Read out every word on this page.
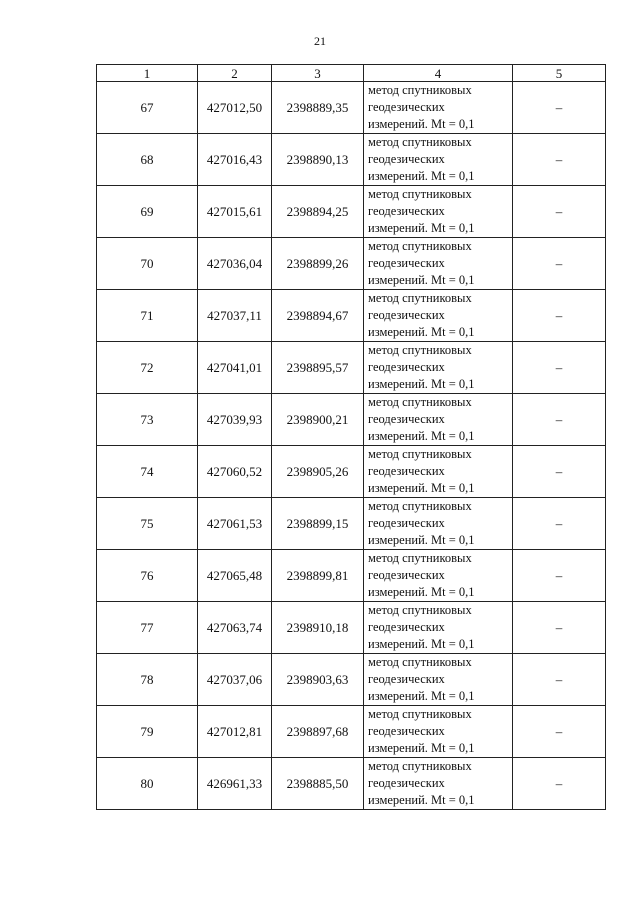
21
1	2	3	4	5
67	427012,50	2398889,35	метод спутниковых
геодезических
измерений. Mt = 0,1	–
68	427016,43	2398890,13	метод спутниковых
геодезических
измерений. Mt = 0,1	–
69	427015,61	2398894,25	метод спутниковых
геодезических
измерений. Mt = 0,1	–
70	427036,04	2398899,26	метод спутниковых
геодезических
измерений. Mt = 0,1	–
71	427037,11	2398894,67	метод спутниковых
геодезических
измерений. Mt = 0,1	–
72	427041,01	2398895,57	метод спутниковых
геодезических
измерений. Mt = 0,1	–
73	427039,93	2398900,21	метод спутниковых
геодезических
измерений. Mt = 0,1	–
74	427060,52	2398905,26	метод спутниковых
геодезических
измерений. Mt = 0,1	–
75	427061,53	2398899,15	метод спутниковых
геодезических
измерений. Mt = 0,1	–
76	427065,48	2398899,81	метод спутниковых
геодезических
измерений. Mt = 0,1	–
77	427063,74	2398910,18	метод спутниковых
геодезических
измерений. Mt = 0,1	–
78	427037,06	2398903,63	метод спутниковых
геодезических
измерений. Mt = 0,1	–
79	427012,81	2398897,68	метод спутниковых
геодезических
измерений. Mt = 0,1	–
80	426961,33	2398885,50	метод спутниковых
геодезических
измерений. Mt = 0,1	–
